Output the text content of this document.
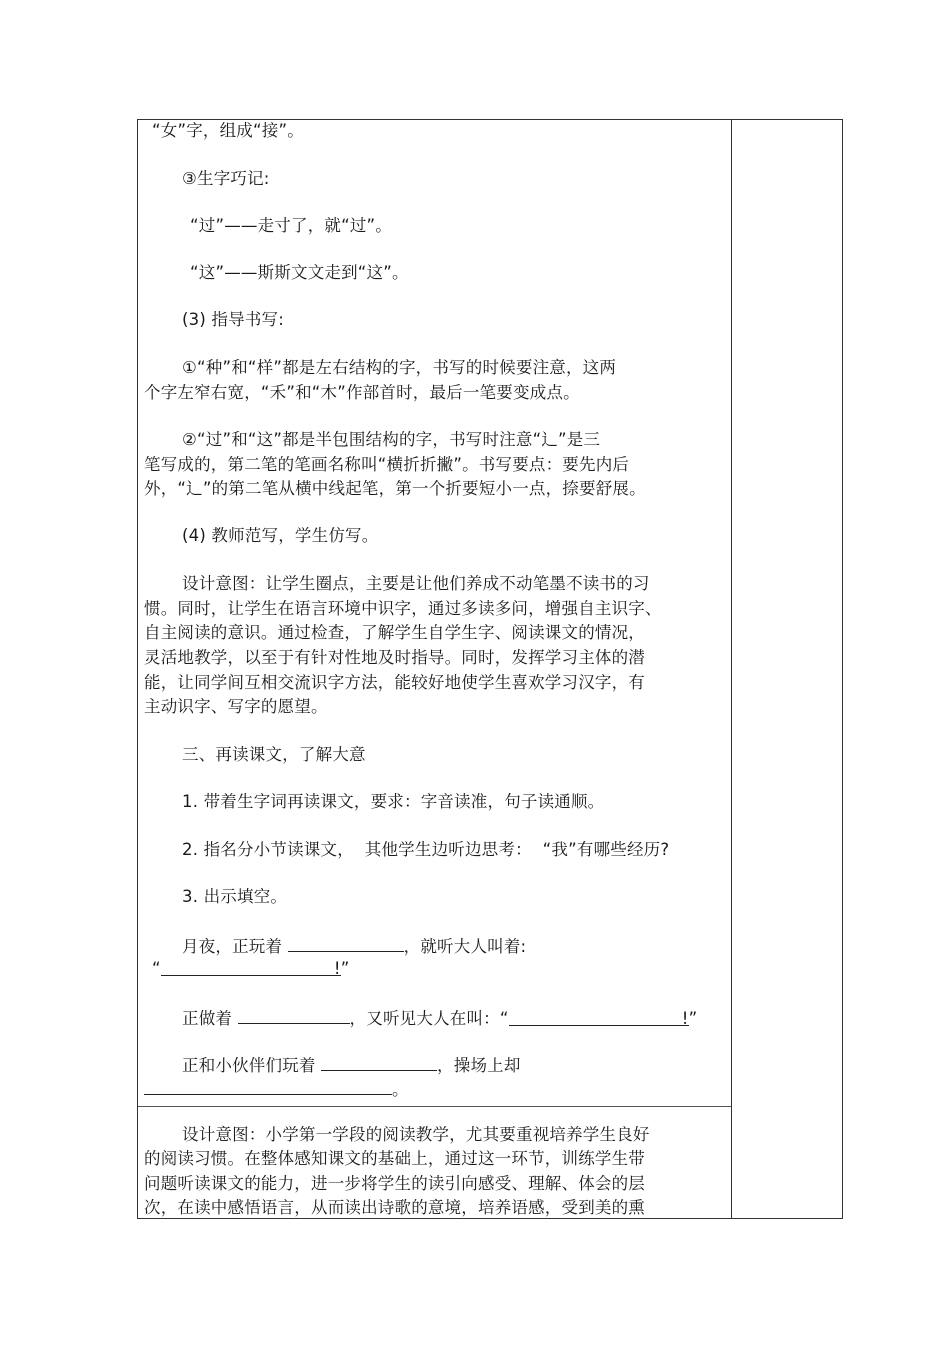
“女”字，组成“接”。
③生字巧记:
“过”——走寸了，就“过”。
“这”——斯斯文文走到“这”。
(3) 指导书写:
①“种”和“样”都是左右结构的字，书写的时候要注意，这两
个字左窄右宽，“禾”和“木”作部首时，最后一笔要变成点。
②“过”和“这”都是半包围结构的字，书写时注意“辶”是三
笔写成的，第二笔的笔画名称叫“横折折撇”。书写要点：要先内后
外，“辶”的第二笔从横中线起笔，第一个折要短小一点，捺要舒展。
(4) 教师范写，学生仿写。
设计意图：让学生圈点，主要是让他们养成不动笔墨不读书的习
惯。同时，让学生在语言环境中识字，通过多读多问，增强自主识字、
自主阅读的意识。通过检查，了解学生自学生字、阅读课文的情况，
灵活地教学，以至于有针对性地及时指导。同时，发挥学习主体的潜
能，让同学间互相交流识字方法，能较好地使学生喜欢学习汉字，有
主动识字、写字的愿望。
三、再读课文，了解大意
1. 带着生字词再读课文，要求：字音读准，句子读通顺。
2. 指名分小节读课文，  其他学生边听边思考：  “我”有哪些经历?
3. 出示填空。
月夜，正玩着	，就听大人叫着:
“	!”
正做着	，又听见大人在叫：“	!”
正和小伙伴们玩着	，操场上却
。
设计意图：小学第一学段的阅读教学，尤其要重视培养学生良好
的阅读习惯。在整体感知课文的基础上，通过这一环节，训练学生带
问题听读课文的能力，进一步将学生的读引向感受、理解、体会的层
次，在读中感悟语言，从而读出诗歌的意境，培养语感，受到美的熏
